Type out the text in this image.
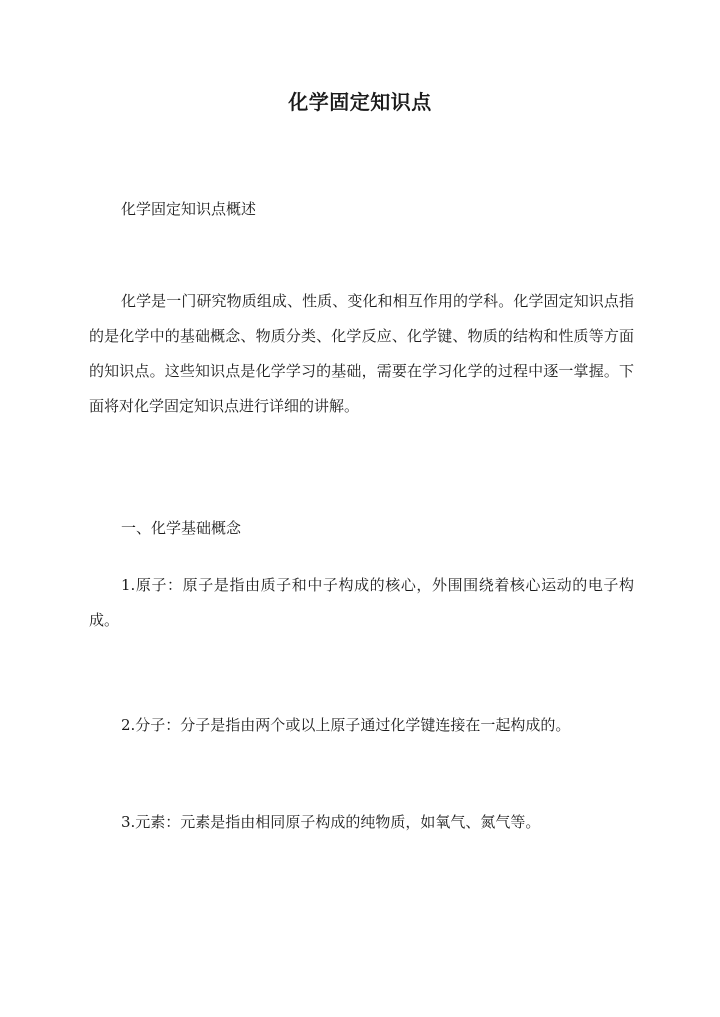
化学固定知识点

化学固定知识点概述

化学是一门研究物质组成、性质、变化和相互作用的学科。化学固定知识点指的是化学中的基础概念、物质分类、化学反应、化学键、物质的结构和性质等方面的知识点。这些知识点是化学学习的基础，需要在学习化学的过程中逐一掌握。下面将对化学固定知识点进行详细的讲解。

一、化学基础概念

1.原子：原子是指由质子和中子构成的核心，外围围绕着核心运动的电子构成。

2.分子：分子是指由两个或以上原子通过化学键连接在一起构成的。

3.元素：元素是指由相同原子构成的纯物质，如氧气、氮气等。
